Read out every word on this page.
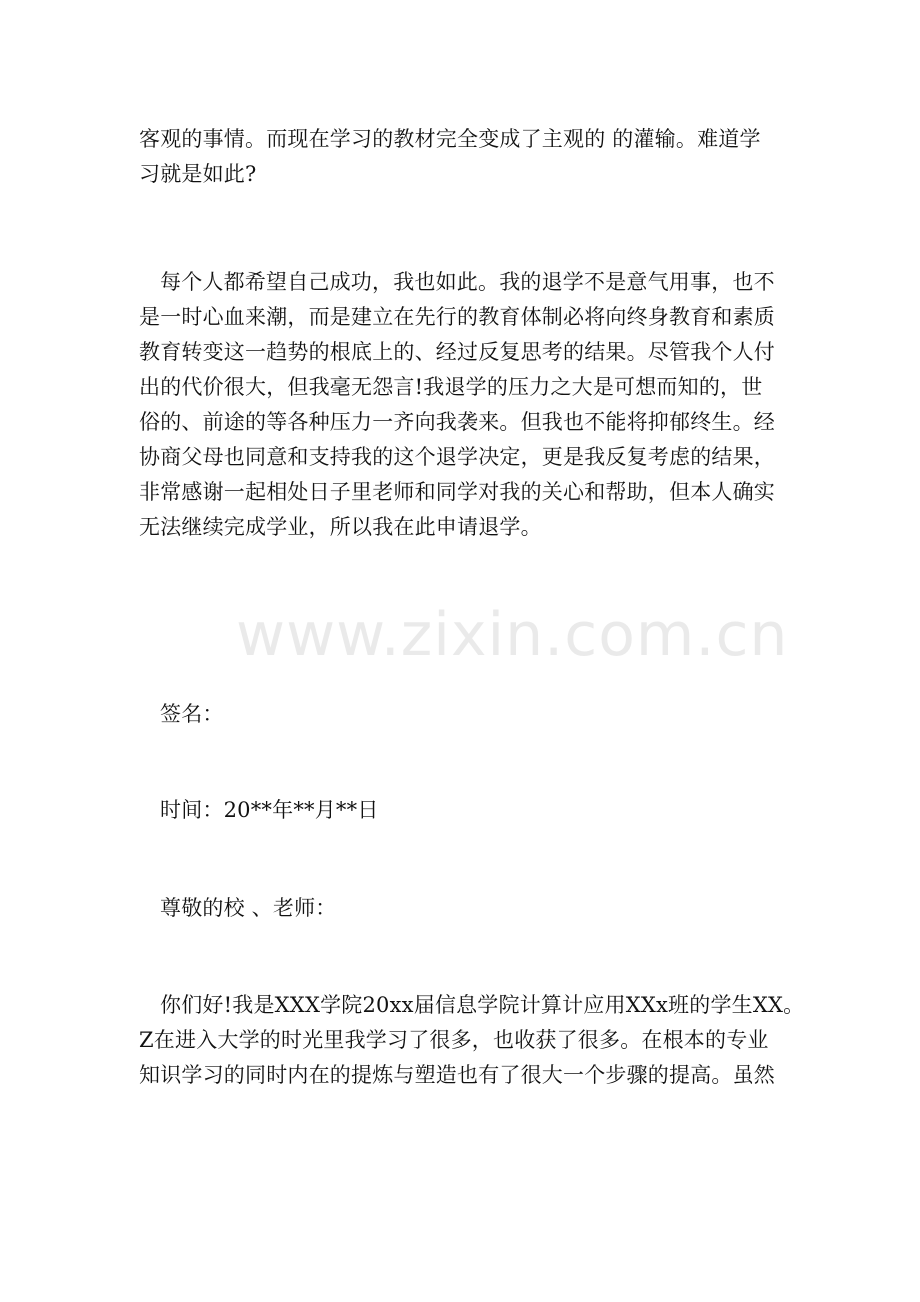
客观的事情。而现在学习的教材完全变成了主观的 的灌输。难道学
习就是如此?

每个人都希望自己成功，我也如此。我的退学不是意气用事，也不
是一时心血来潮，而是建立在先行的教育体制必将向终身教育和素质
教育转变这一趋势的根底上的、经过反复思考的结果。尽管我个人付
出的代价很大，但我毫无怨言!我退学的压力之大是可想而知的，世
俗的、前途的等各种压力一齐向我袭来。但我也不能将抑郁终生。经
协商父母也同意和支持我的这个退学决定，更是我反复考虑的结果，
非常感谢一起相处日子里老师和同学对我的关心和帮助，但本人确实
无法继续完成学业，所以我在此申请退学。

签名：

时间：20**年**月**日

尊敬的校 、老师：

你们好!我是XXX学院20xx届信息学院计算计应用XXx班的学生XX。
Z在进入大学的时光里我学习了很多，也收获了很多。在根本的专业
知识学习的同时内在的提炼与塑造也有了很大一个步骤的提高。虽然

www.zixin.com.cn
